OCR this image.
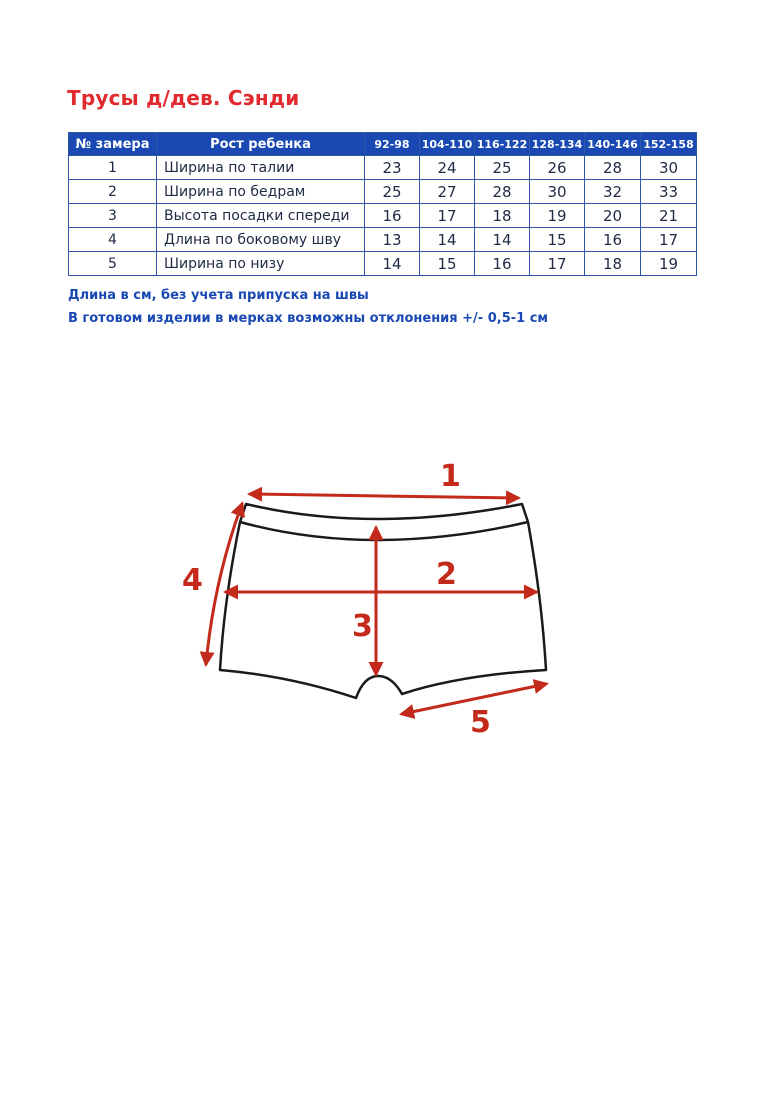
Трусы д/дев. Сэнди
№ замера	Рост ребенка	92-98	104-110	116-122	128-134	140-146	152-158
1	Ширина по талии	23	24	25	26	28	30
2	Ширина по бедрам	25	27	28	30	32	33
3	Высота посадки спереди	16	17	18	19	20	21
4	Длина по боковому шву	13	14	14	15	16	17
5	Ширина по низу	14	15	16	17	18	19
Длина в см, без учета припуска на швы
В готовом изделии в мерках возможны отклонения +/- 0,5-1 см
1
2
3
4
5
